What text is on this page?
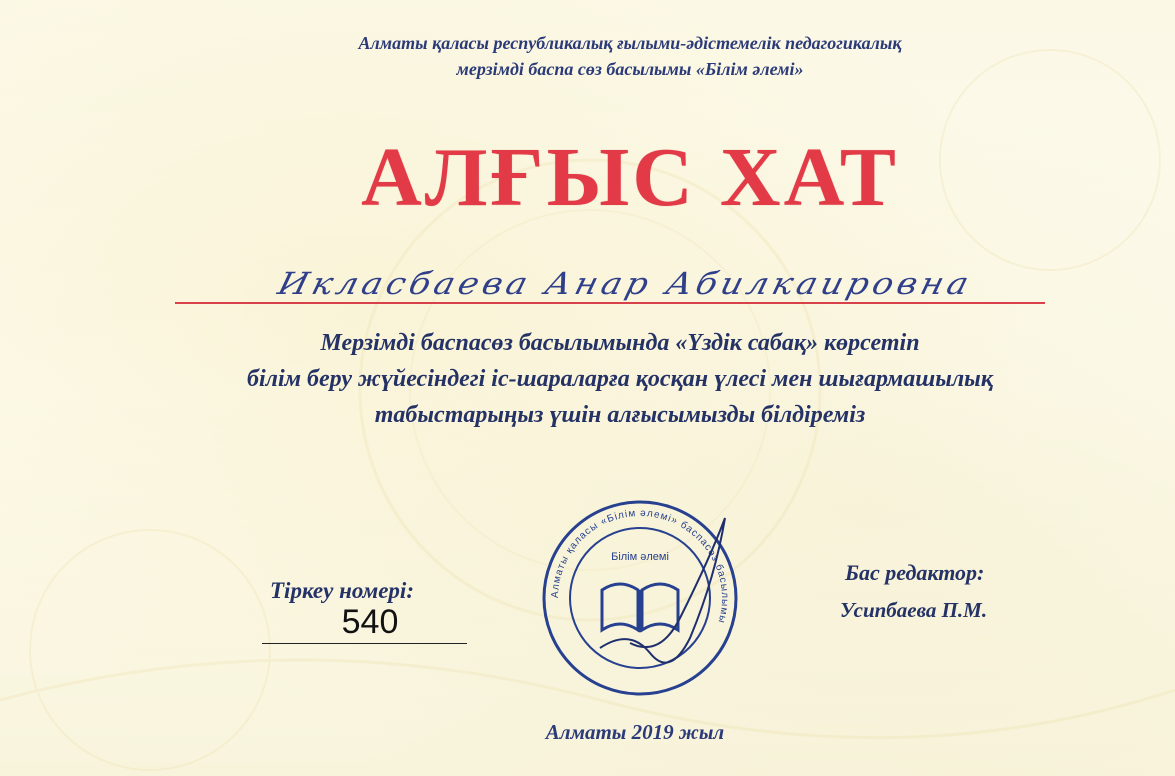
Алматы қаласы республикалық ғылыми-әдістемелік педагогикалық
мерзімді баспа сөз басылымы «Білім әлемі»
АЛҒЫС ХАТ
Икласбаева Анар Абилкаировна
Мерзімді баспасөз басылымында «Үздік сабақ» көрсетіп
білім беру жүйесіндегі іс-шараларға қосқан үлесі мен шығармашылық
табыстарыңыз үшін алғысымызды білдіреміз
Тіркеу номері:
540
Алматы қаласы «Білім әлемі» баспасөз басылымы
Білім әлемі
Бас редактор:
Усипбаева П.М.
Алматы 2019 жыл
